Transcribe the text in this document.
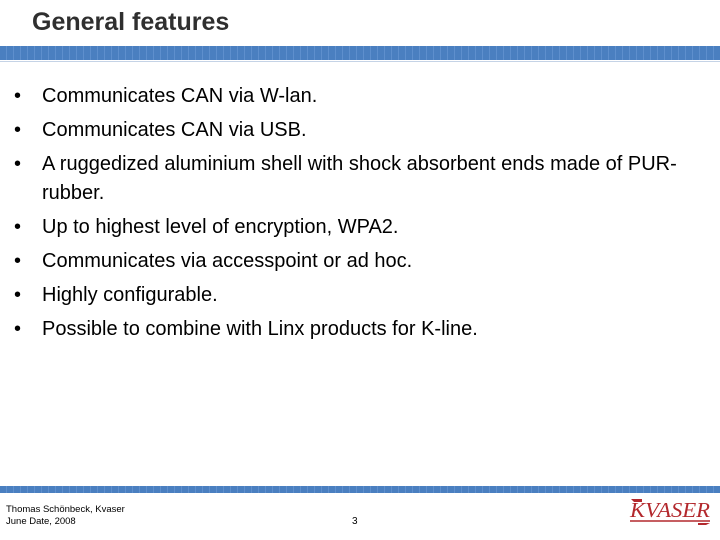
General features
• Communicates CAN via W-lan.
• Communicates CAN via USB.
• A ruggedized aluminium shell with shock absorbent ends made of PUR-rubber.
• Up to highest level of encryption, WPA2.
• Communicates via accesspoint or ad hoc.
• Highly configurable.
• Possible to combine with Linx products for K-line.
Thomas Schönbeck, Kvaser
June Date, 2008	3	KVASER
